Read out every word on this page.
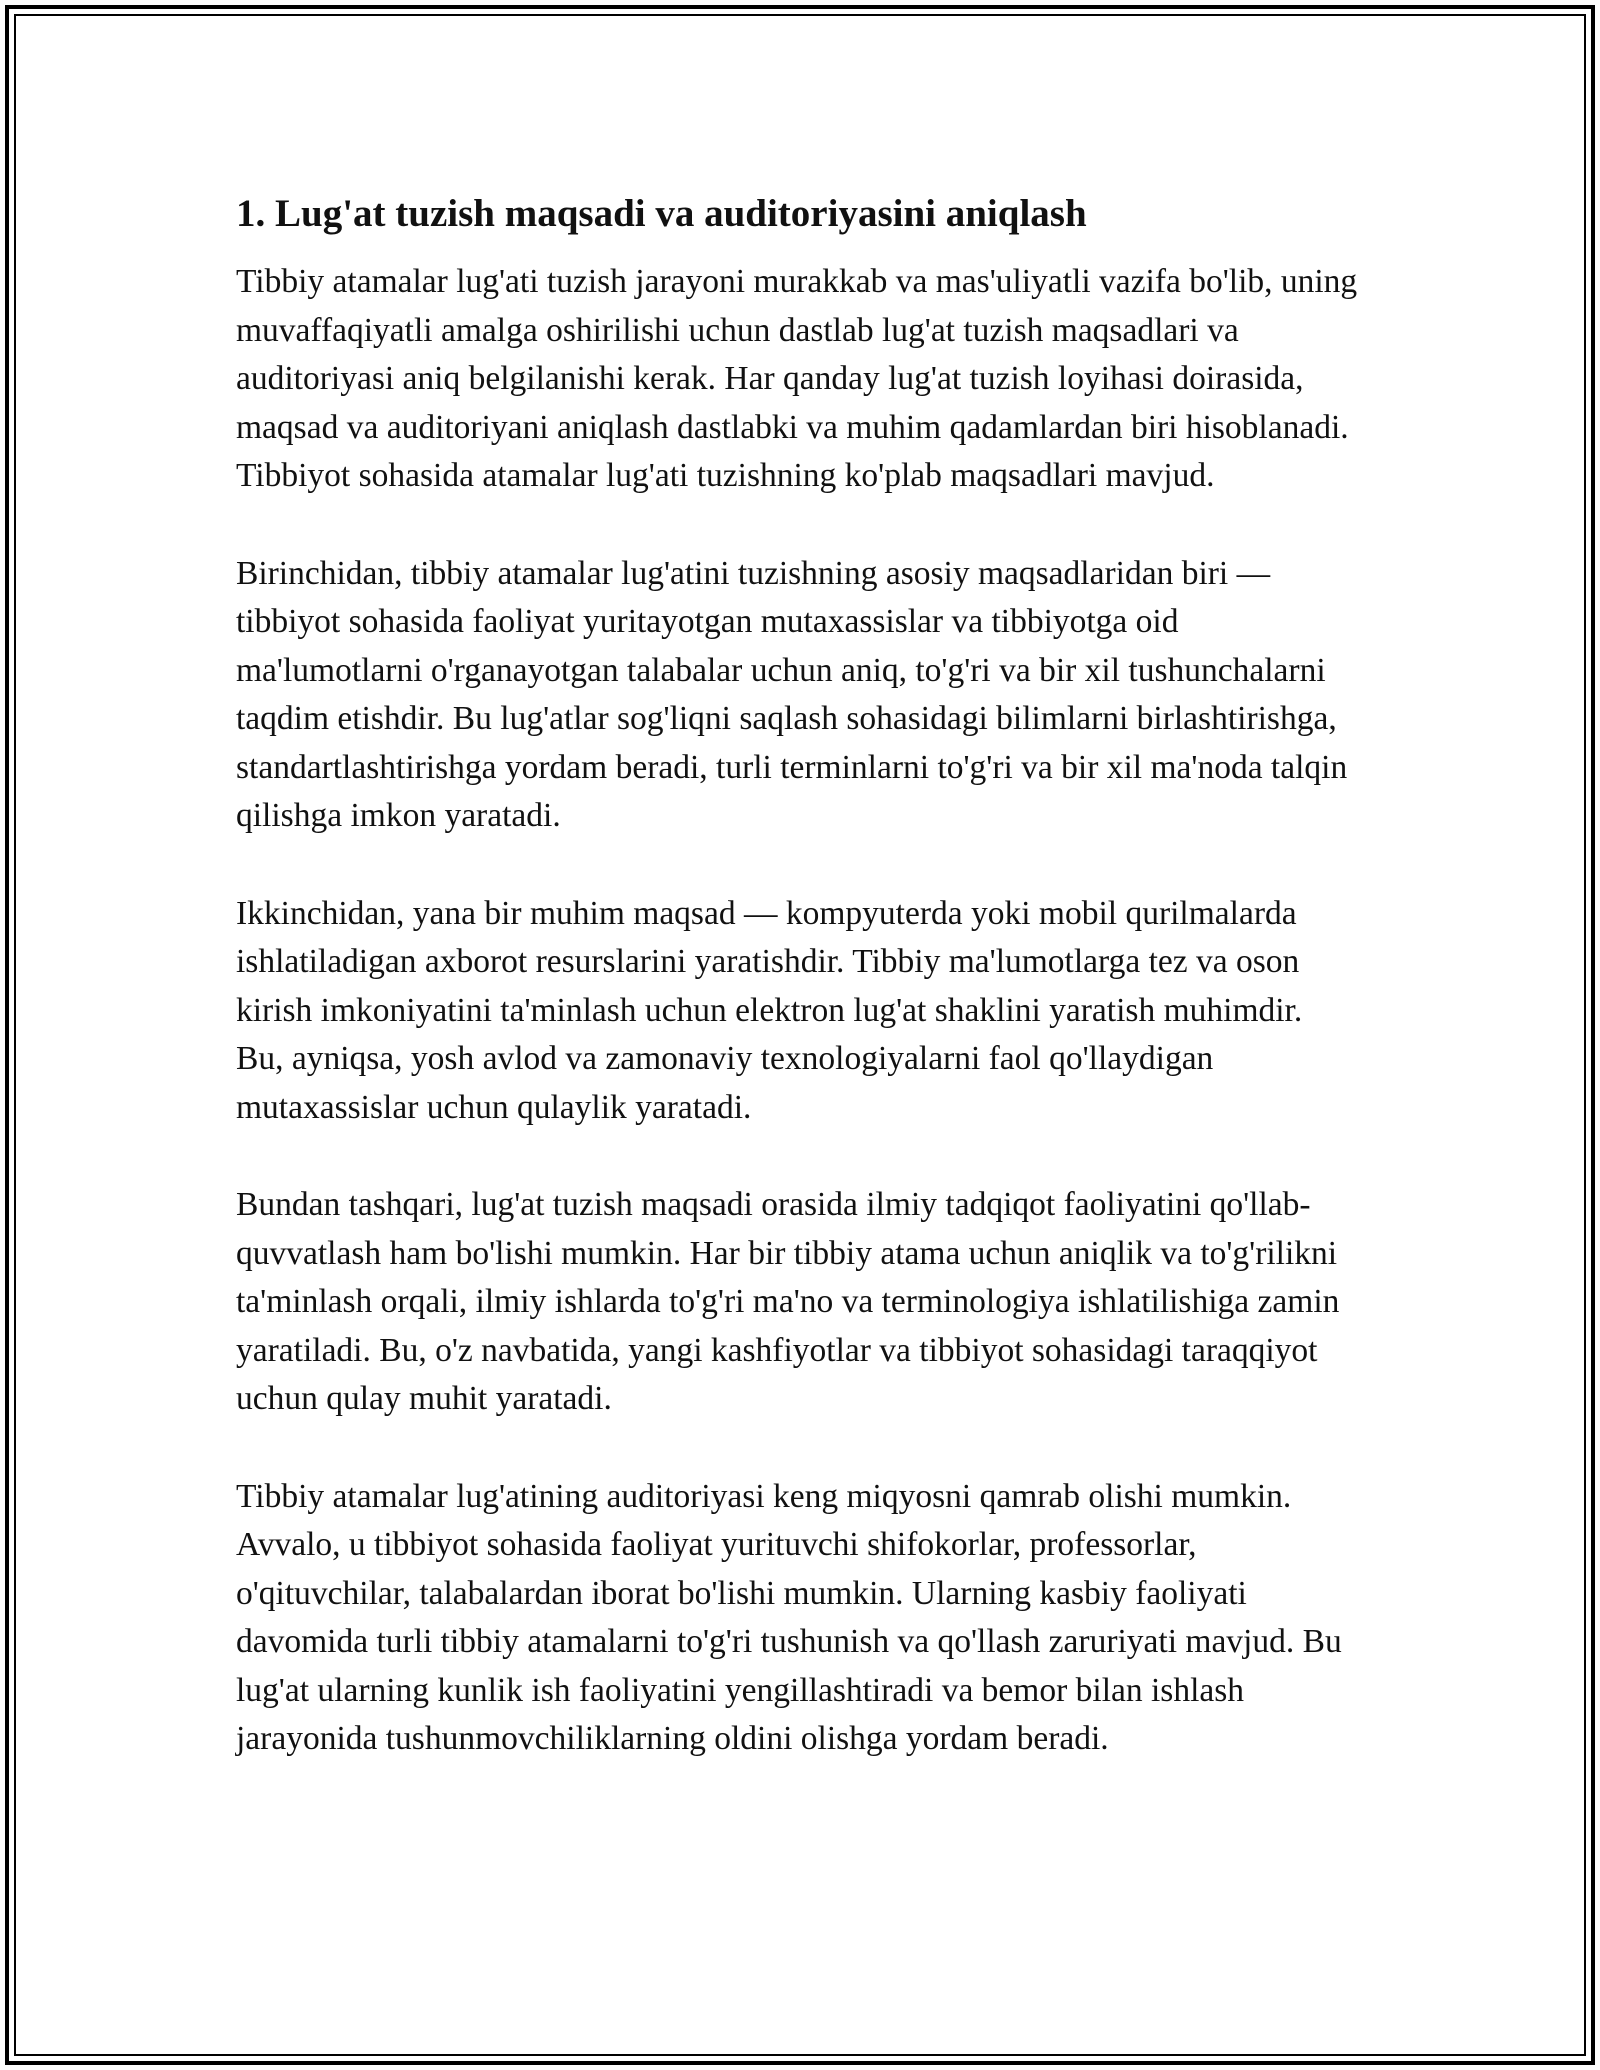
1. Lug'at tuzish maqsadi va auditoriyasini aniqlash

Tibbiy atamalar lug'ati tuzish jarayoni murakkab va mas'uliyatli vazifa bo'lib, uning muvaffaqiyatli amalga oshirilishi uchun dastlab lug'at tuzish maqsadlari va auditoriyasi aniq belgilanishi kerak. Har qanday lug'at tuzish loyihasi doirasida, maqsad va auditoriyani aniqlash dastlabki va muhim qadamlardan biri hisoblanadi. Tibbiyot sohasida atamalar lug'ati tuzishning ko'plab maqsadlari mavjud.

Birinchidan, tibbiy atamalar lug'atini tuzishning asosiy maqsadlaridan biri — tibbiyot sohasida faoliyat yuritayotgan mutaxassislar va tibbiyotga oid ma'lumotlarni o'rganayotgan talabalar uchun aniq, to'g'ri va bir xil tushunchalarni taqdim etishdir. Bu lug'atlar sog'liqni saqlash sohasidagi bilimlarni birlashtirishga, standartlashtirishga yordam beradi, turli terminlarni to'g'ri va bir xil ma'noda talqin qilishga imkon yaratadi.

Ikkinchidan, yana bir muhim maqsad — kompyuterda yoki mobil qurilmalarda ishlatiladigan axborot resurslarini yaratishdir. Tibbiy ma'lumotlarga tez va oson kirish imkoniyatini ta'minlash uchun elektron lug'at shaklini yaratish muhimdir. Bu, ayniqsa, yosh avlod va zamonaviy texnologiyalarni faol qo'llaydigan mutaxassislar uchun qulaylik yaratadi.

Bundan tashqari, lug'at tuzish maqsadi orasida ilmiy tadqiqot faoliyatini qo'llab-quvvatlash ham bo'lishi mumkin. Har bir tibbiy atama uchun aniqlik va to'g'rilikni ta'minlash orqali, ilmiy ishlarda to'g'ri ma'no va terminologiya ishlatilishiga zamin yaratiladi. Bu, o'z navbatida, yangi kashfiyotlar va tibbiyot sohasidagi taraqqiyot uchun qulay muhit yaratadi.

Tibbiy atamalar lug'atining auditoriyasi keng miqyosni qamrab olishi mumkin. Avvalo, u tibbiyot sohasida faoliyat yurituvchi shifokorlar, professorlar, o'qituvchilar, talabalardan iborat bo'lishi mumkin. Ularning kasbiy faoliyati davomida turli tibbiy atamalarni to'g'ri tushunish va qo'llash zaruriyati mavjud. Bu lug'at ularning kunlik ish faoliyatini yengillashtiradi va bemor bilan ishlash jarayonida tushunmovchiliklarning oldini olishga yordam beradi.
